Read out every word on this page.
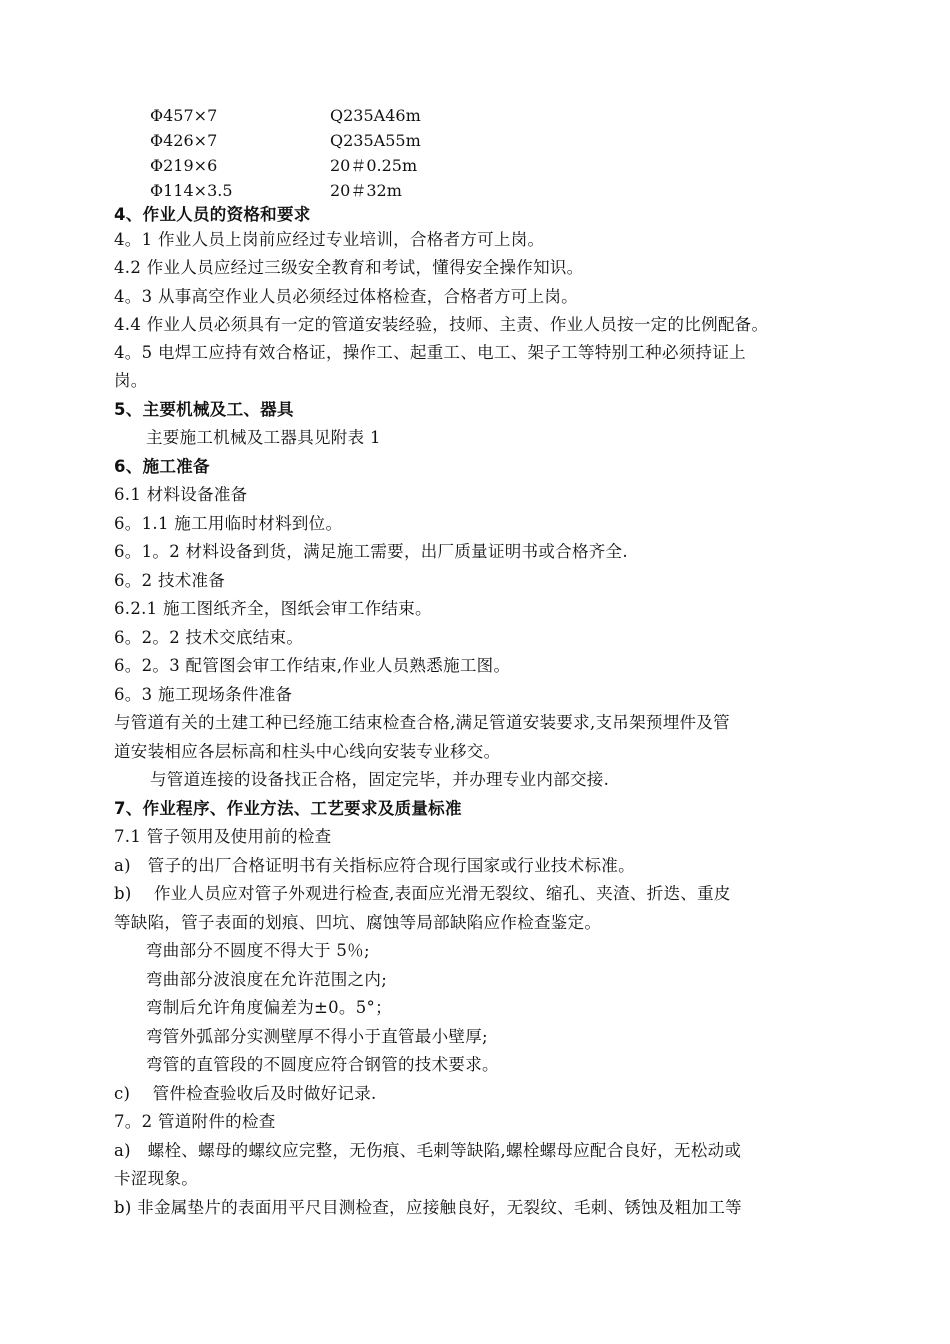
Φ457×7	Q235A46m
Φ426×7	Q235A55m
Φ219×6	20＃0.25m
Φ114×3.5	20＃32m
4、作业人员的资格和要求
4。1 作业人员上岗前应经过专业培训，合格者方可上岗。
4.2 作业人员应经过三级安全教育和考试，懂得安全操作知识。
4。3 从事高空作业人员必须经过体格检查，合格者方可上岗。
4.4 作业人员必须具有一定的管道安装经验，技师、主责、作业人员按一定的比例配备。
4。5 电焊工应持有效合格证，操作工、起重工、电工、架子工等特别工种必须持证上
岗。
5、主要机械及工、器具
主要施工机械及工器具见附表 1
6、施工准备
6.1 材料设备准备
6。1.1 施工用临时材料到位。
6。1。2 材料设备到货，满足施工需要，出厂质量证明书或合格齐全.
6。2 技术准备
6.2.1 施工图纸齐全，图纸会审工作结束。
6。2。2 技术交底结束。
6。2。3 配管图会审工作结束,作业人员熟悉施工图。
6。3 施工现场条件准备
与管道有关的土建工种已经施工结束检查合格,满足管道安装要求,支吊架预埋件及管
道安装相应各层标高和柱头中心线向安装专业移交。
与管道连接的设备找正合格，固定完毕，并办理专业内部交接.
7、作业程序、作业方法、工艺要求及质量标准
7.1 管子领用及使用前的检查
a)　管子的出厂合格证明书有关指标应符合现行国家或行业技术标准。
b)　 作业人员应对管子外观进行检查,表面应光滑无裂纹、缩孔、夹渣、折迭、重皮
等缺陷，管子表面的划痕、凹坑、腐蚀等局部缺陷应作检查鉴定。
弯曲部分不圆度不得大于 5％;
弯曲部分波浪度在允许范围之内;
弯制后允许角度偏差为±0。5°；
弯管外弧部分实测壁厚不得小于直管最小壁厚;
弯管的直管段的不圆度应符合钢管的技术要求。
c)　 管件检查验收后及时做好记录.
7。2 管道附件的检查
a)　螺栓、螺母的螺纹应完整，无伤痕、毛刺等缺陷,螺栓螺母应配合良好，无松动或
卡涩现象。
b) 非金属垫片的表面用平尺目测检查，应接触良好，无裂纹、毛刺、锈蚀及粗加工等
